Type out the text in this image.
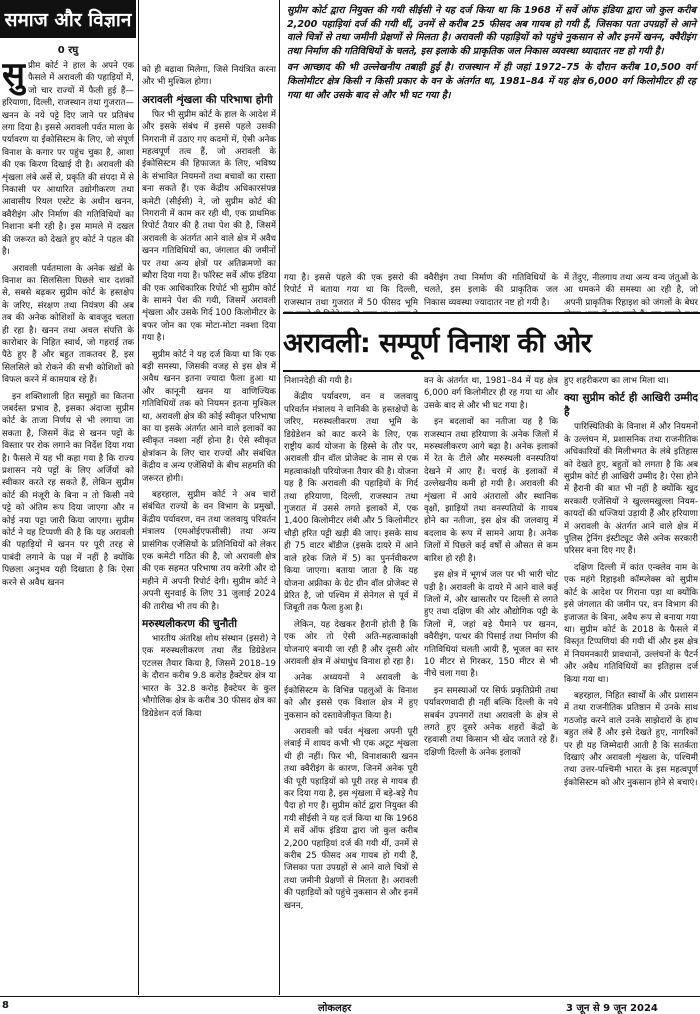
समाज और विज्ञान
0 रघु

सुप्रीम कोर्ट ने हाल के अपने एक फैसले में अरावली की पहाड़ियों में, जो चार राज्यों में फैली हुई हैं—हरियाणा, दिल्ली, राजस्थान तथा गुजरात—खनन के नये पट्टे दिए जाने पर प्रतिबंध लगा दिया है। इससे अरावली पर्वत माला के पर्यावरण या ईकोसिस्टम के लिए, जो संपूर्ण विनाश के कगार पर पहुंच चुका है, आशा की एक किरण दिखाई दी है। अरावली की शृंखला लंबे अर्से से, प्रकृति की संपदा में से निकासी पर आधारित उद्योगीकरण तथा आवासीय रियल एस्टेट के अधीन खनन, क्वैरीइंग और निर्माण की गतिविधियों का निशाना बनी रही है। इस मामले में दखल की जरूरत को देखते हुए कोर्ट ने पहल की है।

अरावली पर्वतमाला के अनेक खंडों के विनाश का सिलसिला पिछले चार दशकों से, सबसे बढ़कर सुप्रीम कोर्ट के हस्तक्षेप के जरिए, संरक्षण तथा नियंत्रण की अब तब की अनेक कोशिशों के बावजूद चलता ही रहा है। खनन तथा अचल संपत्ति के कारोबार के निहित स्वार्थ, जो गहराई तक पैठे हुए हैं और बहुत ताकतवर हैं, इस सिलसिले को रोकने की सभी कोशिशों को विफल करने में कामयाब रहे हैं।

इन शक्तिशाली हित समूहों का कितना जबर्दस्त प्रभाव है, इसका अंदाजा सुप्रीम कोर्ट के ताजा निर्णय से भी लगाया जा सकता है, जिसमें केंद्र से खनन पट्टों के विस्तार पर रोक लगाने का निर्देश दिया गया है। फैसले में यह भी कहा गया है कि राज्य प्रशासन नये पट्टों के लिए अर्जियों को स्वीकार करते रह सकते हैं, लेकिन सुप्रीम कोर्ट की मंजूरी के बिना न तो किसी नये पट्टे को अंतिम रूप दिया जाएगा और न कोई नया पट्टा जारी किया जाएगा। सुप्रीम कोर्ट ने यह टिप्पणी की है कि यह अरावली की पहाड़ियों में खनन पर पूरी तरह से पाबंदी लगाने के पक्ष में नहीं है क्योंकि पिछला अनुभव यही दिखाता है कि ऐसा करने से अवैध खनन

को ही बढ़ावा मिलेगा, जिसे नियंत्रित करना और भी मुश्किल होगा।

अरावली शृंखला की परिभाषा होगी

फिर भी सुप्रीम कोर्ट के हाल के आदेश में और इसके संबंध में इससे पहले उसकी निगरानी में उठाए गए कदमों में, ऐसी अनेक महत्वपूर्ण तत्व हैं, जो अरावली के ईकोसिस्टम की हिफाजत के लिए, भविष्य के संभावित नियमनों तथा बचावों का रास्ता बना सकते हैं। एक केंद्रीय अधिकारसंपन्न कमेटी (सीईसी) ने, जो सुप्रीम कोर्ट की निगरानी में काम कर रही थी, एक प्राथमिक रिपोर्ट तैयार की है तथा पेश की है, जिसमें अरावली के अंतर्गत आने वाले क्षेत्र में अवैध खनन गतिविधियों का, जंगलात की जमीनों पर तथा अन्य क्षेत्रों पर अतिक्रमणों का ब्यौरा दिया गया है। फॉरेस्ट सर्वे ऑफ इंडिया की एक आधिकारिक रिपोर्ट भी सुप्रीम कोर्ट के सामने पेश की गयी, जिसमें अरावली शृंखला और उसके गिर्द 100 किलोमीटर के बफर जोन का एक मोटा-मोटा नक्शा दिया गया है।

सुप्रीम कोर्ट ने यह दर्ज किया था कि एक बड़ी समस्या, जिसकी वजह से इस क्षेत्र में अवैध खनन इतना ज्यादा फैला हुआ था और कानूनी खनन या वाणिज्यिक गतिविधियों तक को नियमन इतना मुश्किल था, अरावली क्षेत्र की कोई स्वीकृत परिभाषा का या इसके अंतर्गत आने वाले इलाकों का स्वीकृत नक्शा नहीं होना है। ऐसे स्वीकृत क्षेत्रांकन के लिए चार राज्यों और संबंधित केंद्रीय व अन्य एजेंसियों के बीच सहमति की जरूरत होगी।

बहरहाल, सुप्रीम कोर्ट ने अब चारों संबंधित राज्यों के वन विभाग के प्रमुखों, केंद्रीय पर्यावरण, वन तथा जलवायु परिवर्तन मंत्रालय (एमओईएफसीसी) तथा अन्य प्रासंगिक एजेंसियों के प्रतिनिधियों को लेकर एक कमेटी गठित की है, जो अरावली क्षेत्र की एक सहमत परिभाषा तय करेगी और दो महीने में अपनी रिपोर्ट देगी। सुप्रीम कोर्ट ने अपनी सुनवाई के लिए 31 जुलाई 2024 की तारीख भी तय की है।

मरुस्थलीकरण की चुनौती

भारतीय अंतरिक्ष शोध संस्थान (इसरो) ने एक मरुस्थलीकरण तथा लैंड डिग्रेडेशन एटलस तैयार किया है, जिसमें 2018–19 के दौरान करीब 9.8 करोड़ हैक्टेयर क्षेत्र या भारत के 32.8 करोड़ हैक्टेयर के कुल भौगोलिक क्षेत्र के करीब 30 फीसद क्षेत्र का डिग्रेडेशन दर्ज किया

सुप्रीम कोर्ट द्वारा नियुक्त की गयी सीईसी ने यह दर्ज किया था कि 1968 में सर्वे ऑफ इंडिया द्वारा जो कुल करीब 2,200 पहाड़ियां दर्ज की गयी थीं, उनमें से करीब 25 फीसद अब गायब हो गयी हैं, जिसका पता उपग्रहों से आने वाले चित्रों से तथा जमीनी प्रेक्षणों से मिलता है। अरावली की पहाड़ियों को पहुंचे नुकसान से और इनमें खनन, क्वैरीइंग तथा निर्माण की गतिविधियों के चलते, इस इलाके की प्राकृतिक जल निकास व्यवस्था ध्यादातर नष्ट हो गयी है।

वन आच्छाद की भी उल्लेखनीय तबाही हुई है। राजस्थान में ही जहां 1972–75 के दौरान करीब 10,500 वर्ग किलोमीटर क्षेत्र किसी न किसी प्रकार के वन के अंतर्गत था, 1981–84 में यह क्षेत्र 6,000 वर्ग किलोमीटर ही रह गया था और उसके बाद से और भी घट गया है।

गया है। इससे पहले की एक इसरो की रिपोर्ट में बताया गया था कि दिल्ली, राजस्थान तथा गुजरात में 50 फीसद भूमि
क्वैरीइंग तथा निर्माण की गतिविधियों के चलते, इस इलाके की प्राकृतिक जल निकास व्यवस्था ज्यादातर नष्ट हो गयी है।
में तेंदुए, नीलगाय तथा अन्य वन्य जंतुओं के आ धमकने की समस्या आ रही है, जो अपनी प्राकृतिक रिहाइश को जंगलों के बेघर
अरावली: सम्पूर्ण विनाश की ओर

निशानदेही की गयी है।

केंद्रीय पर्यावरण, वन व जलवायु परिवर्तन मंत्रालय ने वानिकी के हस्तक्षेपों के जरिए, मरुस्थलीकरण तथा भूमि के डिग्रेडेशन को काट करने के लिए, एक राष्ट्रीय कार्य योजना के हिस्से के तौर पर, अरावली ग्रीन वॉल प्रोजेक्ट के नाम से एक महत्वाकांक्षी परियोजना तैयार की है। योजना यह है कि अरावली की पहाड़ियों के गिर्द तथा हरियाणा, दिल्ली, राजस्थान तथा गुजरात में उससे लगते इलाकों में, एक 1,400 किलोमीटर लंबी और 5 किलोमीटर चौड़ी हरित पट्टी खड़ी की जाए। इसके साथ ही 75 वाटर बॉडीज (इसके दायरे में आने वाले हरेक जिले में 5) का पुनर्नवीकरण किया जाएगा। बताया जाता है कि यह योजना अफ्रीका के ग्रेट ग्रीन वॉल प्रोजेक्ट से प्रेरित है, जो पश्चिम में सेनेगल से पूर्व में जिबूती तक फैला हुआ है।

लेकिन, यह देखकर हैरानी होती है कि एक ओर तो ऐसी अति-महत्वाकांक्षी योजनाएं बनायी जा रही हैं और दूसरी ओर अरावली क्षेत्र में अंधाधुंध विनाश हो रहा है।

अनेक अध्ययनों ने अरावली के ईकोसिस्टम के विभिन्न पहलुओं के विनाश को और इससे एक विशाल क्षेत्र में हुए नुकसान को दस्तावेजीकृत किया है।

अरावली को पर्वत शृंखला अपनी पूरी लंबाई में शायद कभी भी एक अटूट शृंखला थी ही नहीं। फिर भी, विनाशकारी खनन तथा क्वैरीइंग के कारण, जिनमें अनेक पूरी की पूरी पहाड़ियों को पूरी तरह से गायब ही कर दिया गया है, इस शृंखला में बड़े-बड़े गैप पैदा हो गए हैं। सुप्रीम कोर्ट द्वारा नियुक्त की गयी सीईसी ने यह दर्ज किया था कि 1968 में सर्वे ऑफ इंडिया द्वारा जो कुल करीब 2,200 पहाड़ियां दर्ज की गयी थीं, उनमें से करीब 25 फीसद अब गायब हो गयी हैं, जिसका पता उपग्रहों से आने वाले चित्रों से तथा जमीनी प्रेक्षणों से मिलता है। अरावली की पहाड़ियों को पहुंचे नुकसान से और इनमें खनन,

वन के अंतर्गत था, 1981–84 में यह क्षेत्र 6,000 वर्ग किलोमीटर ही रह गया था और उसके बाद से और भी घट गया है।

इन बदलावों का नतीजा यह है कि राजस्थान तथा हरियाणा के अनेक जिलों में मरुस्थलीकरण आगे बढ़ा है। अनेक इलाकों में रेत के टीले और मरुस्थली वनस्पतियां देखने में आए हैं। चराई के इलाकों में उल्लेखनीय कमी हो गयी है। अरावली की शृंखला में आये अंतरालों और स्थानिक वृक्षों, झाड़ियों तथा वनस्पतियों के गायब होने का नतीजा, इस क्षेत्र की जलवायु में बदलाव के रूप में सामने आया है। अनेक जिलों में पिछले कई वर्षों से औसत से कम बारिश हो रही है।

इस क्षेत्र में भूगर्भ जल पर भी भारी चोट पड़ी है। अरावली के दायरे में आने वाले कई जिलों में, और खासतौर पर दिल्ली से लगते हुए तथा दक्षिण की ओर औद्योगिक पट्टी के जिलों में, जहां बड़े पैमाने पर खनन, क्वैरीइंग, पत्थर की पिसाई तथा निर्माण की गतिविधियां चलती आयी हैं, भूजल का स्तर 10 मीटर से गिरकर, 150 मीटर से भी नीचे चला गया है।

इन समस्याओं पर सिर्फ प्रकृतिप्रेमी तथा पर्यावरणवादी ही नहीं बल्कि दिल्ली के नये सबर्बन उपनगरों तथा अरावली के क्षेत्र से लगते हुए दूसरे अनेक शहरों केंद्रों के रहवासी तथा किसान भी खेद जताते रहे हैं। दक्षिणी दिल्ली के अनेक इलाकों

हुए शहरीकरण का लाभ मिला था।

क्या सुप्रीम कोर्ट ही आखिरी उम्मीद है

पारिस्थितिकी के विनाश में और नियमनों के उल्लंघन में, प्रशासनिक तथा राजनीतिक अधिकारियों की मिलीभगत के लंबे इतिहास को देखते हुए, बहुतों को लगता है कि अब सुप्रीम कोर्ट ही आखिरी उम्मीद है। ऐसा होने में हैरानी की बात भी नहीं है क्योंकि खुद सरकारी एजेंसियों ने खुल्लमखुल्ला नियम-कायदों की धज्जियां उड़ायी हैं और हरियाणा में अरावली के अंतर्गत आने वाले क्षेत्र में पुलिस ट्रेनिंग इंस्टीट्यूट जैसे अनेक सरकारी परिसर बना दिए गए हैं।

दक्षिण दिल्ली में कांत एन्क्लेव नाम के एक महंगे रिहाइशी कॉम्प्लेक्स को सुप्रीम कोर्ट के आदेश पर गिराना पड़ा था क्योंकि इसे जंगलात की जमीन पर, वन विभाग की इजाजत के बिना, अवैध रूप से बनाया गया था। सुप्रीम कोर्ट के 2018 के फैसले में विस्तृत टिप्पणियां की गयी थीं और इस क्षेत्र में नियमनकारी प्रावधानों, उल्लंघनों के पैटर्न और अवैध गतिविधियों का इतिहास दर्ज किया गया था।

बहरहाल, निहित स्वार्थों के और प्रशासन में तथा राजनीतिक प्रतिष्ठान में उनके साथ गठजोड़ करने वाले उनके साझेदारों के हाथ बहुत लंबे हैं और इसे देखते हुए, नागरिकों पर ही यह जिम्मेदारी आती है कि सतर्कता दिखाएं और अरावली शृंखला के, पश्चिमी तथा उत्तर-पश्चिमी भारत के इस महत्वपूर्ण ईकोसिस्टम को और नुकसान होने से बचाएं।

8	लोकलहर	3 जून से 9 जून 2024
